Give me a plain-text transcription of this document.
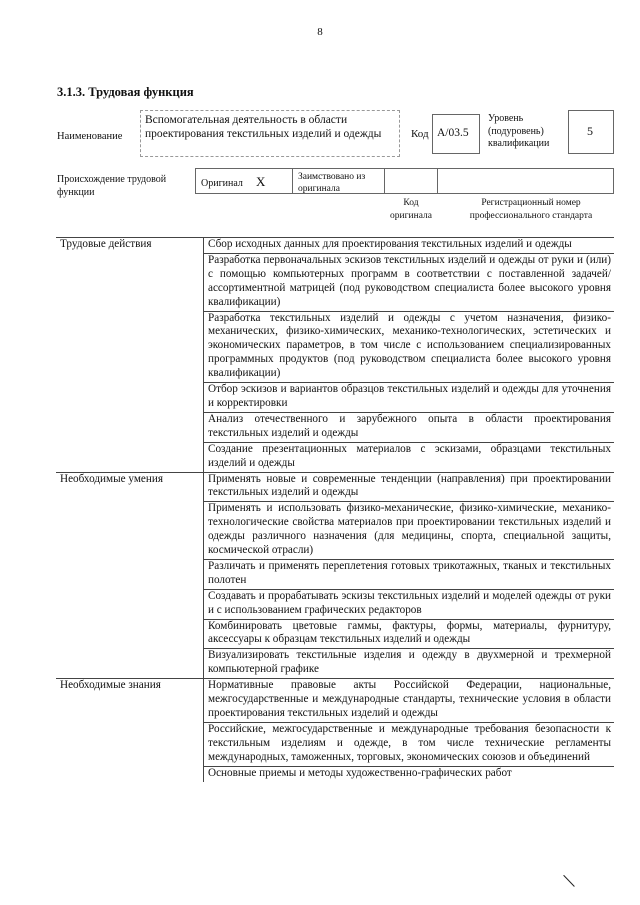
8
3.1.3. Трудовая функция
Наименование
Вспомогательная деятельность в области проектирования текстильных изделий и одежды	Код А/03.5
Уровень (подуровень) квалификации
5
Происхождение трудовой функции
Оригинал Х	Заимствовано из оригинала
Код оригинала
Регистрационный номер профессионального стандарта
Трудовые действия	Сбор исходных данных для проектирования текстильных изделий и одежды
	Разработка первоначальных эскизов текстильных изделий и одежды от руки и (или) с помощью компьютерных программ в соответствии с поставленной задачей/ассортиментной матрицей (под руководством специалиста более высокого уровня квалификации)
	Разработка текстильных изделий и одежды с учетом назначения, физико-механических, физико-химических, механико-технологических, эстетических и экономических параметров, в том числе с использованием специализированных программных продуктов (под руководством специалиста более высокого уровня квалификации)
	Отбор эскизов и вариантов образцов текстильных изделий и одежды для уточнения и корректировки
	Анализ отечественного и зарубежного опыта в области проектирования текстильных изделий и одежды
	Создание презентационных материалов с эскизами, образцами текстильных изделий и одежды
Необходимые умения	Применять новые и современные тенденции (направления) при проектировании текстильных изделий и одежды
	Применять и использовать физико-механические, физико-химические, механико-технологические свойства материалов при проектировании текстильных изделий и одежды различного назначения (для медицины, спорта, специальной защиты, космической отрасли)
	Различать и применять переплетения готовых трикотажных, тканых и текстильных полотен
	Создавать и прорабатывать эскизы текстильных изделий и моделей одежды от руки и с использованием графических редакторов
	Комбинировать цветовые гаммы, фактуры, формы, материалы, фурнитуру, аксессуары к образцам текстильных изделий и одежды
	Визуализировать текстильные изделия и одежду в двухмерной и трехмерной компьютерной графике
Необходимые знания	Нормативные правовые акты Российской Федерации, национальные, межгосударственные и международные стандарты, технические условия в области проектирования текстильных изделий и одежды
	Российские, межгосударственные и международные требования безопасности к текстильным изделиям и одежде, в том числе технические регламенты международных, таможенных, торговых, экономических союзов и объединений
	Основные приемы и методы художественно-графических работ
\
